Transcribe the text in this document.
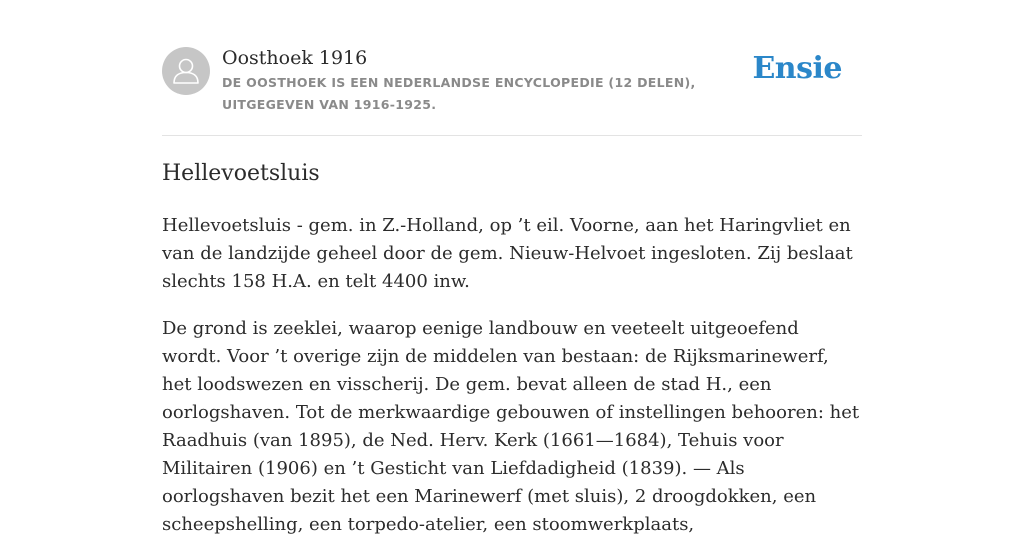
Oosthoek 1916
DE OOSTHOEK IS EEN NEDERLANDSE ENCYCLOPEDIE (12 DELEN), UITGEGEVEN VAN 1916-1925.
Ensie
Hellevoetsluis

Hellevoetsluis - gem. in Z.-Holland, op ’t eil. Voorne, aan het Haringvliet en van de landzijde geheel door de gem. Nieuw-Helvoet ingesloten. Zij beslaat slechts 158 H.A. en telt 4400 inw.

De grond is zeeklei, waarop eenige landbouw en veeteelt uitgeoefend wordt. Voor ’t overige zijn de middelen van bestaan: de Rijksmarinewerf, het loodswezen en visscherij. De gem. bevat alleen de stad H., een oorlogshaven. Tot de merkwaardige gebouwen of instellingen behooren: het Raadhuis (van 1895), de Ned. Herv. Kerk (1661—1684), Tehuis voor Militairen (1906) en ’t Gesticht van Liefdadigheid (1839). — Als oorlogshaven bezit het een Marinewerf (met sluis), 2 droogdokken, een scheepshelling, een torpedo-atelier, een stoomwerkplaats,
